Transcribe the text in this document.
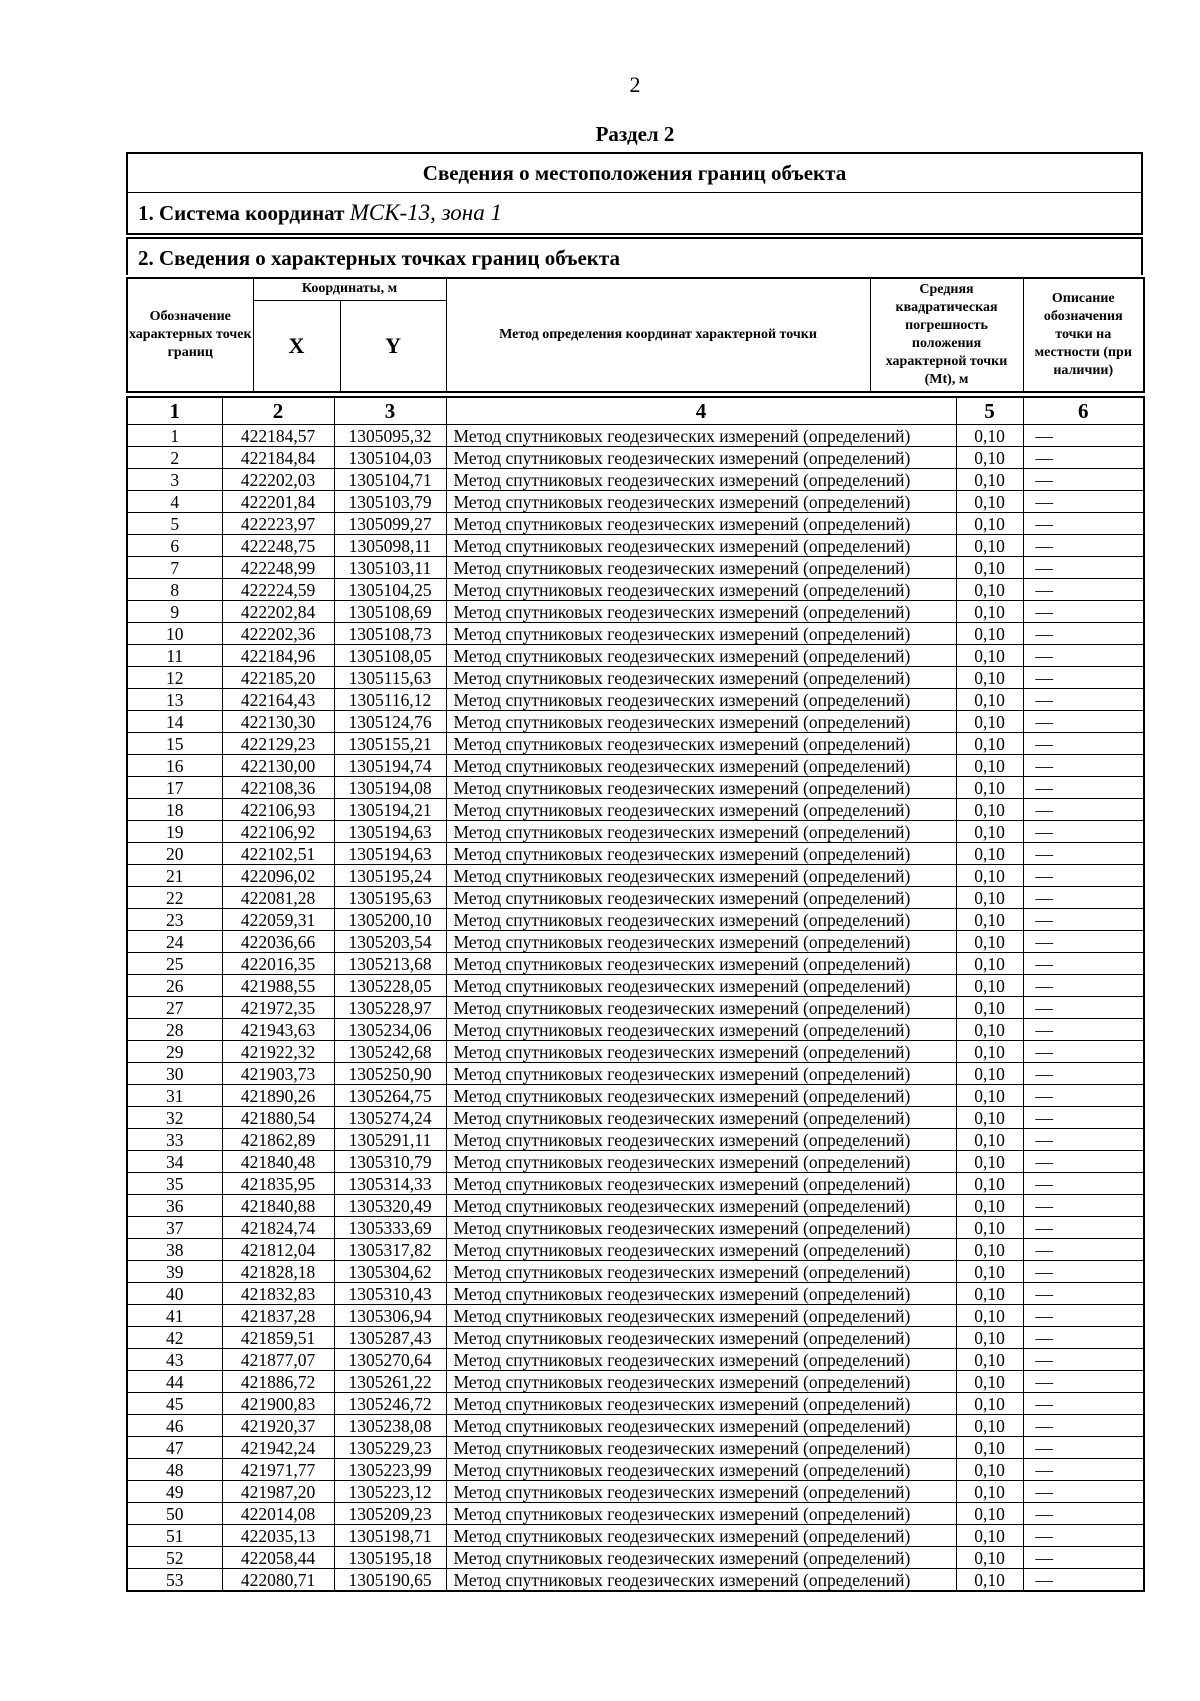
2
Раздел 2
Сведения о местоположения границ объекта
1. Система координат МСК-13, зона 1
2. Сведения о характерных точках границ объекта
Обозначение характерных точек границ	Координаты, м		Метод определения координат характерной точки	Средняя квадратическая погрешность положения характерной точки (Mt), м	Описание обозначения точки на местности (при наличии)
	X	Y			
1	2	3	4	5	6
1	422184,57	1305095,32	Метод спутниковых геодезических измерений (определений)	0,10	—
2	422184,84	1305104,03	Метод спутниковых геодезических измерений (определений)	0,10	—
3	422202,03	1305104,71	Метод спутниковых геодезических измерений (определений)	0,10	—
4	422201,84	1305103,79	Метод спутниковых геодезических измерений (определений)	0,10	—
5	422223,97	1305099,27	Метод спутниковых геодезических измерений (определений)	0,10	—
6	422248,75	1305098,11	Метод спутниковых геодезических измерений (определений)	0,10	—
7	422248,99	1305103,11	Метод спутниковых геодезических измерений (определений)	0,10	—
8	422224,59	1305104,25	Метод спутниковых геодезических измерений (определений)	0,10	—
9	422202,84	1305108,69	Метод спутниковых геодезических измерений (определений)	0,10	—
10	422202,36	1305108,73	Метод спутниковых геодезических измерений (определений)	0,10	—
11	422184,96	1305108,05	Метод спутниковых геодезических измерений (определений)	0,10	—
12	422185,20	1305115,63	Метод спутниковых геодезических измерений (определений)	0,10	—
13	422164,43	1305116,12	Метод спутниковых геодезических измерений (определений)	0,10	—
14	422130,30	1305124,76	Метод спутниковых геодезических измерений (определений)	0,10	—
15	422129,23	1305155,21	Метод спутниковых геодезических измерений (определений)	0,10	—
16	422130,00	1305194,74	Метод спутниковых геодезических измерений (определений)	0,10	—
17	422108,36	1305194,08	Метод спутниковых геодезических измерений (определений)	0,10	—
18	422106,93	1305194,21	Метод спутниковых геодезических измерений (определений)	0,10	—
19	422106,92	1305194,63	Метод спутниковых геодезических измерений (определений)	0,10	—
20	422102,51	1305194,63	Метод спутниковых геодезических измерений (определений)	0,10	—
21	422096,02	1305195,24	Метод спутниковых геодезических измерений (определений)	0,10	—
22	422081,28	1305195,63	Метод спутниковых геодезических измерений (определений)	0,10	—
23	422059,31	1305200,10	Метод спутниковых геодезических измерений (определений)	0,10	—
24	422036,66	1305203,54	Метод спутниковых геодезических измерений (определений)	0,10	—
25	422016,35	1305213,68	Метод спутниковых геодезических измерений (определений)	0,10	—
26	421988,55	1305228,05	Метод спутниковых геодезических измерений (определений)	0,10	—
27	421972,35	1305228,97	Метод спутниковых геодезических измерений (определений)	0,10	—
28	421943,63	1305234,06	Метод спутниковых геодезических измерений (определений)	0,10	—
29	421922,32	1305242,68	Метод спутниковых геодезических измерений (определений)	0,10	—
30	421903,73	1305250,90	Метод спутниковых геодезических измерений (определений)	0,10	—
31	421890,26	1305264,75	Метод спутниковых геодезических измерений (определений)	0,10	—
32	421880,54	1305274,24	Метод спутниковых геодезических измерений (определений)	0,10	—
33	421862,89	1305291,11	Метод спутниковых геодезических измерений (определений)	0,10	—
34	421840,48	1305310,79	Метод спутниковых геодезических измерений (определений)	0,10	—
35	421835,95	1305314,33	Метод спутниковых геодезических измерений (определений)	0,10	—
36	421840,88	1305320,49	Метод спутниковых геодезических измерений (определений)	0,10	—
37	421824,74	1305333,69	Метод спутниковых геодезических измерений (определений)	0,10	—
38	421812,04	1305317,82	Метод спутниковых геодезических измерений (определений)	0,10	—
39	421828,18	1305304,62	Метод спутниковых геодезических измерений (определений)	0,10	—
40	421832,83	1305310,43	Метод спутниковых геодезических измерений (определений)	0,10	—
41	421837,28	1305306,94	Метод спутниковых геодезических измерений (определений)	0,10	—
42	421859,51	1305287,43	Метод спутниковых геодезических измерений (определений)	0,10	—
43	421877,07	1305270,64	Метод спутниковых геодезических измерений (определений)	0,10	—
44	421886,72	1305261,22	Метод спутниковых геодезических измерений (определений)	0,10	—
45	421900,83	1305246,72	Метод спутниковых геодезических измерений (определений)	0,10	—
46	421920,37	1305238,08	Метод спутниковых геодезических измерений (определений)	0,10	—
47	421942,24	1305229,23	Метод спутниковых геодезических измерений (определений)	0,10	—
48	421971,77	1305223,99	Метод спутниковых геодезических измерений (определений)	0,10	—
49	421987,20	1305223,12	Метод спутниковых геодезических измерений (определений)	0,10	—
50	422014,08	1305209,23	Метод спутниковых геодезических измерений (определений)	0,10	—
51	422035,13	1305198,71	Метод спутниковых геодезических измерений (определений)	0,10	—
52	422058,44	1305195,18	Метод спутниковых геодезических измерений (определений)	0,10	—
53	422080,71	1305190,65	Метод спутниковых геодезических измерений (определений)	0,10	—
